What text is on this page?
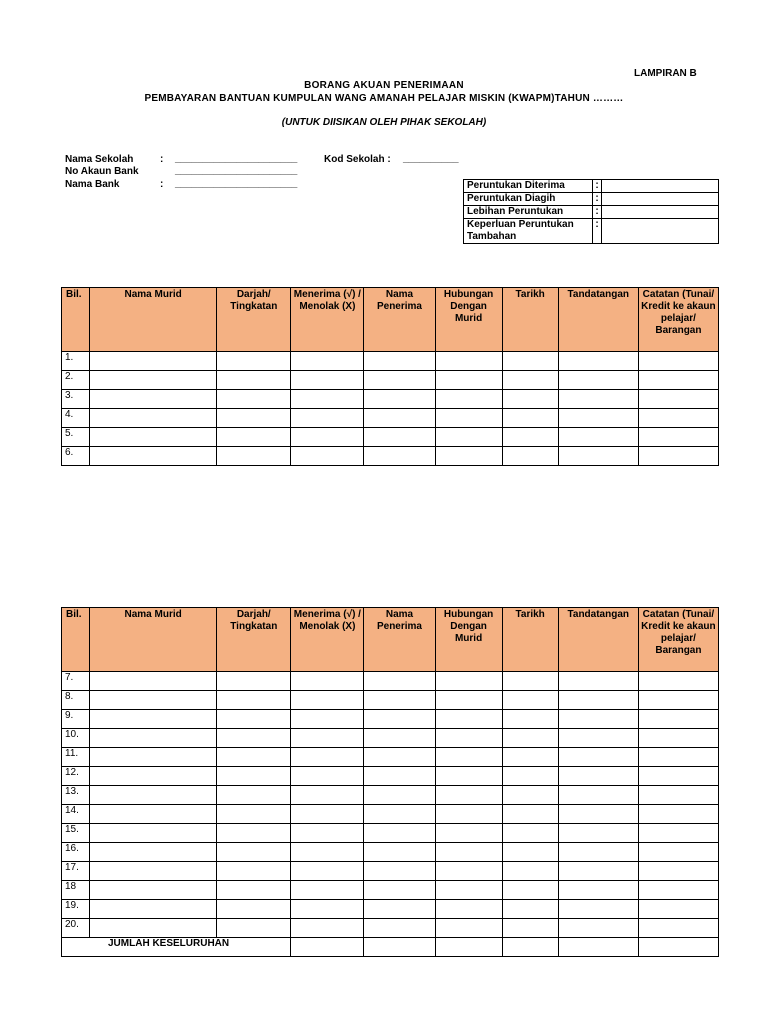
LAMPIRAN B
BORANG AKUAN PENERIMAAN
PEMBAYARAN BANTUAN KUMPULAN WANG AMANAH PELAJAR MISKIN (KWAPM)TAHUN ………
(UNTUK DIISIKAN OLEH PIHAK SEKOLAH)
Nama Sekolah	: ______________________	Kod Sekolah : __________
No Akaun Bank	______________________
Nama Bank	: ______________________	Peruntukan Diterima	:	
Peruntukan Diagih	:	
Lebihan Peruntukan	:	
Keperluan Peruntukan Tambahan	:	
Bil.	Nama Murid	Darjah/ Tingkatan	Menerima (√) / Menolak (X)	Nama Penerima	Hubungan Dengan Murid	Tarikh	Tandatangan	Catatan (Tunai/ Kredit ke akaun pelajar/ Barangan
1.								
2.								
3.								
4.								
5.								
6.								
Bil.	Nama Murid	Darjah/ Tingkatan	Menerima (√) / Menolak (X)	Nama Penerima	Hubungan Dengan Murid	Tarikh	Tandatangan	Catatan (Tunai/ Kredit ke akaun pelajar/ Barangan
7.								
8.								
9.								
10.								
11.								
12.								
13.								
14.								
15.								
16.								
17.								
18								
19.								
20.								
JUMLAH KESELURUHAN								
